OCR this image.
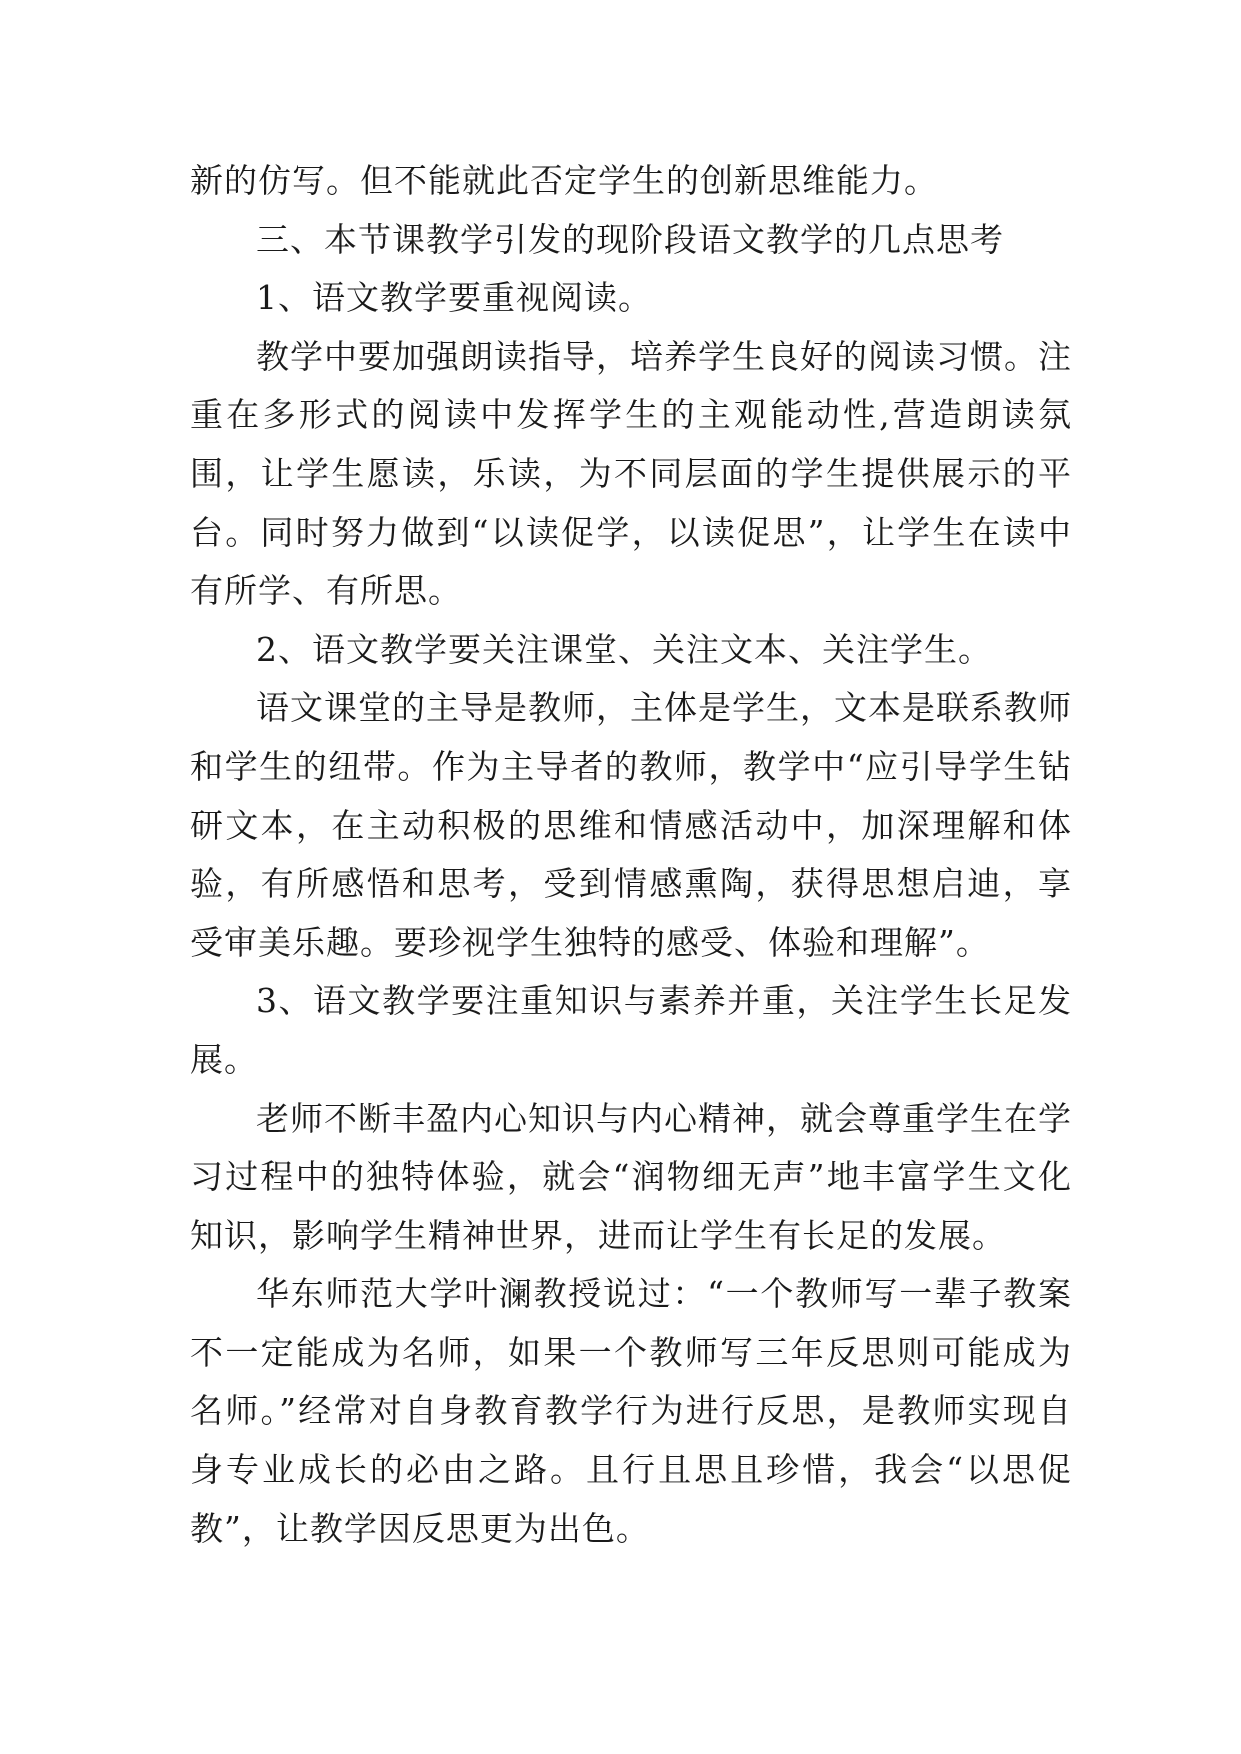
新的仿写。但不能就此否定学生的创新思维能力。

三、本节课教学引发的现阶段语文教学的几点思考

1、语文教学要重视阅读。

教学中要加强朗读指导，培养学生良好的阅读习惯。注重在多形式的阅读中发挥学生的主观能动性,营造朗读氛围，让学生愿读，乐读，为不同层面的学生提供展示的平台。同时努力做到“以读促学，以读促思”，让学生在读中有所学、有所思。

2、语文教学要关注课堂、关注文本、关注学生。

语文课堂的主导是教师，主体是学生，文本是联系教师和学生的纽带。作为主导者的教师，教学中“应引导学生钻研文本，在主动积极的思维和情感活动中，加深理解和体验，有所感悟和思考，受到情感熏陶，获得思想启迪，享受审美乐趣。要珍视学生独特的感受、体验和理解”。

3、语文教学要注重知识与素养并重，关注学生长足发展。

老师不断丰盈内心知识与内心精神，就会尊重学生在学习过程中的独特体验，就会“润物细无声”地丰富学生文化知识，影响学生精神世界，进而让学生有长足的发展。

华东师范大学叶澜教授说过：“一个教师写一辈子教案不一定能成为名师，如果一个教师写三年反思则可能成为名师。”经常对自身教育教学行为进行反思，是教师实现自身专业成长的必由之路。且行且思且珍惜，我会“以思促教”，让教学因反思更为出色。
